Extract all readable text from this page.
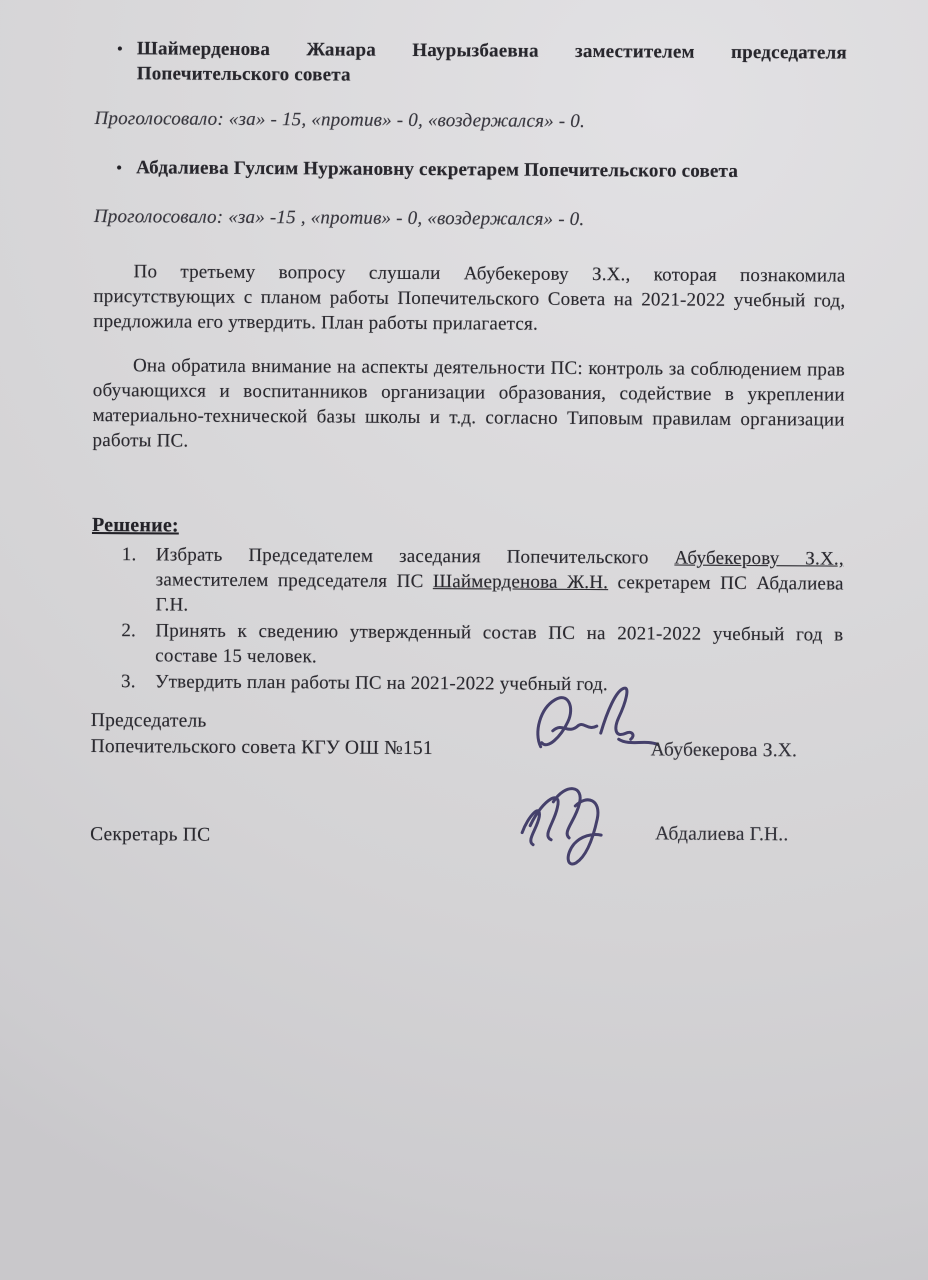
• Шаймерденова Жанара Наурызбаевна заместителем председателя Попечительского совета
Проголосовало: «за» - 15, «против» - 0, «воздержался» - 0.
• Абдалиева Гулсим Нуржановну секретарем Попечительского совета
Проголосовало: «за» -15 , «против» - 0, «воздержался» - 0.

По третьему вопросу слушали Абубекерову З.Х., которая познакомила присутствующих с планом работы Попечительского Совета на 2021-2022 учебный год, предложила его утвердить. План работы прилагается.

Она обратила внимание на аспекты деятельности ПС: контроль за соблюдением прав обучающихся и воспитанников организации образования, содействие в укреплении материально-технической базы школы и т.д. согласно Типовым правилам организации работы ПС.

Решение:
1.	Избрать Председателем заседания Попечительского Абубекерову З.Х., заместителем председателя ПС Шаймерденова Ж.Н. секретарем ПС Абдалиева Г.Н.
2.	Принять к сведению утвержденный состав ПС на 2021-2022 учебный год в составе 15 человек.
3.	Утвердить план работы ПС на 2021-2022 учебный год.
Председатель
Попечительского совета КГУ ОШ №151	Абубекерова З.Х.
Секретарь ПС	Абдалиева Г.Н..
